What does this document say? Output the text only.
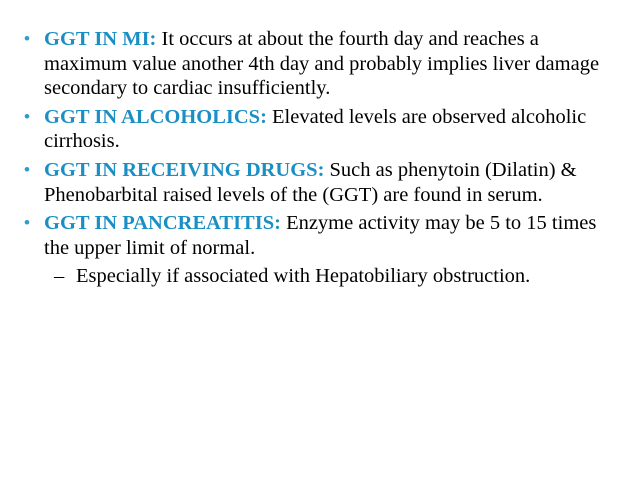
• GGT IN MI: It occurs at about the fourth day and reaches a maximum value another 4th day and probably implies liver damage secondary to cardiac insufficiently.
• GGT IN ALCOHOLICS: Elevated levels are observed alcoholic cirrhosis.
• GGT IN RECEIVING DRUGS: Such as phenytoin (Dilatin) & Phenobarbital raised levels of the (GGT) are found in serum.
• GGT IN PANCREATITIS: Enzyme activity may be 5 to 15 times the upper limit of normal.
– Especially if associated with Hepatobiliary obstruction.
